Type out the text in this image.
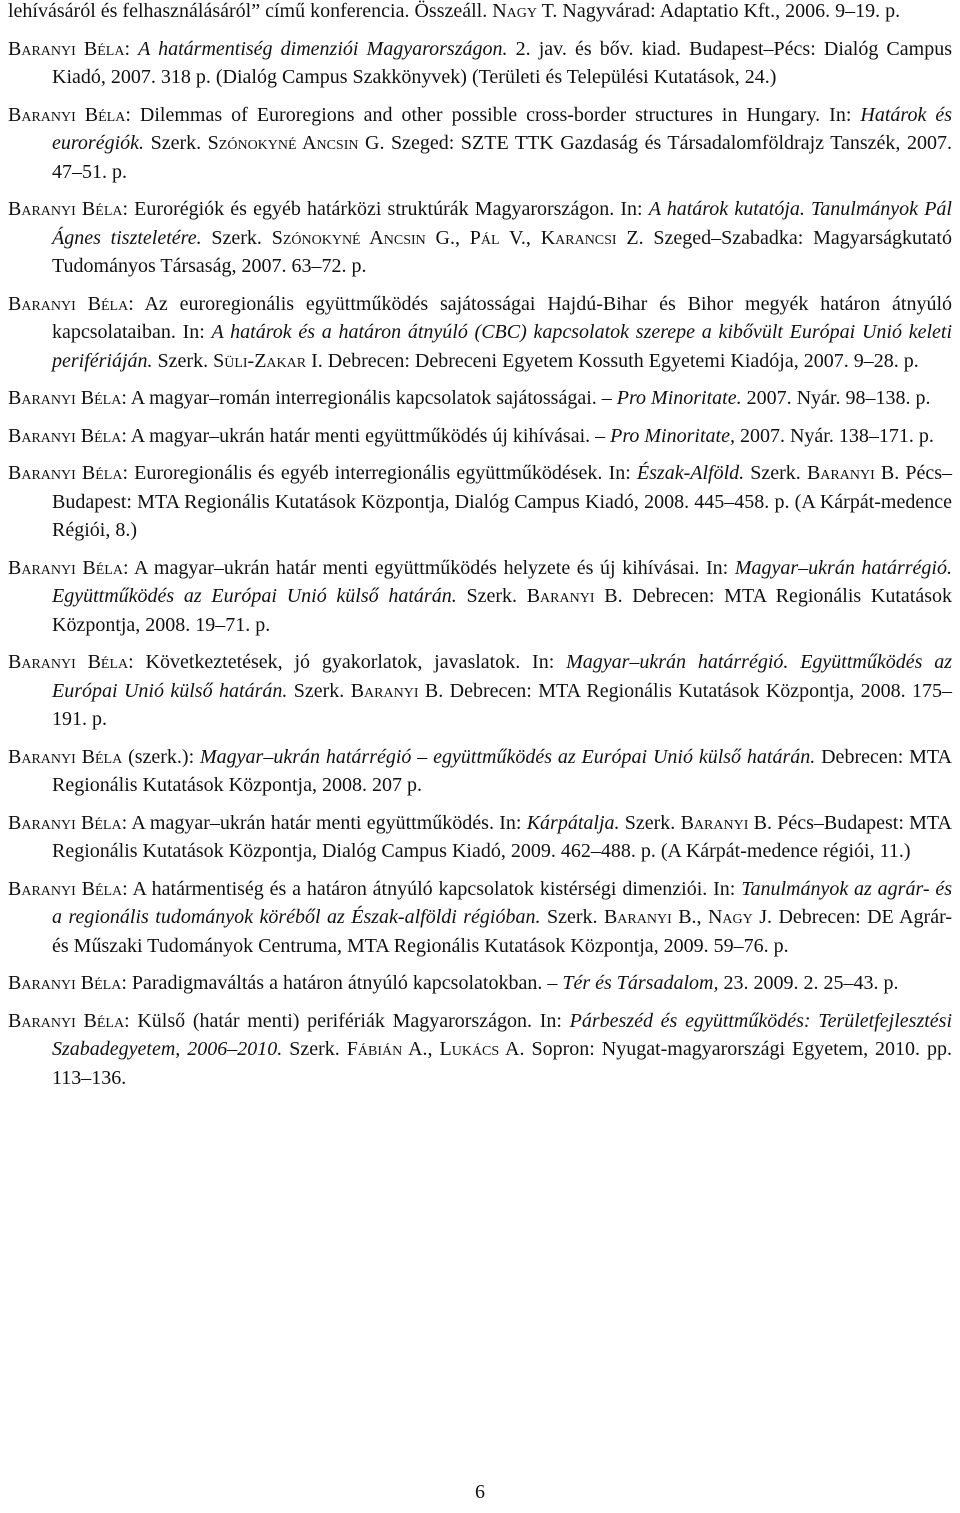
lehívásáról és felhasználásáról” című konferencia. Összeáll. Nagy T. Nagyvárad: Adaptatio Kft., 2006. 9–19. p.

Baranyi Béla: A határmentiség dimenziói Magyarországon. 2. jav. és bőv. kiad. Budapest–Pécs: Dialóg Campus Kiadó, 2007. 318 p. (Dialóg Campus Szakkönyvek) (Területi és Települési Kutatások, 24.)

Baranyi Béla: Dilemmas of Euroregions and other possible cross-border structures in Hungary. In: Határok és eurorégiók. Szerk. Szónokyné Ancsin G. Szeged: SZTE TTK Gazdaság és Társadalomföldrajz Tanszék, 2007. 47–51. p.

Baranyi Béla: Eurorégiók és egyéb határközi struktúrák Magyarországon. In: A határok kutatója. Tanulmányok Pál Ágnes tiszteletére. Szerk. Szónokyné Ancsin G., Pál V., Karancsi Z. Szeged–Szabadka: Magyarságkutató Tudományos Társaság, 2007. 63–72. p.

Baranyi Béla: Az euroregionális együttműködés sajátosságai Hajdú-Bihar és Bihor megyék határon átnyúló kapcsolataiban. In: A határok és a határon átnyúló (CBC) kapcsolatok szerepe a kibővült Európai Unió keleti perifériáján. Szerk. Süli-Zakar I. Debrecen: Debreceni Egyetem Kossuth Egyetemi Kiadója, 2007. 9–28. p.

Baranyi Béla: A magyar–román interregionális kapcsolatok sajátosságai. – Pro Minoritate. 2007. Nyár. 98–138. p.

Baranyi Béla: A magyar–ukrán határ menti együttműködés új kihívásai. – Pro Minoritate, 2007. Nyár. 138–171. p.

Baranyi Béla: Euroregionális és egyéb interregionális együttműködések. In: Észak-Alföld. Szerk. Baranyi B. Pécs–Budapest: MTA Regionális Kutatások Központja, Dialóg Campus Kiadó, 2008. 445–458. p. (A Kárpát-medence Régiói, 8.)

Baranyi Béla: A magyar–ukrán határ menti együttműködés helyzete és új kihívásai. In: Magyar–ukrán határrégió. Együttműködés az Európai Unió külső határán. Szerk. Baranyi B. Debrecen: MTA Regionális Kutatások Központja, 2008. 19–71. p.

Baranyi Béla: Következtetések, jó gyakorlatok, javaslatok. In: Magyar–ukrán határrégió. Együttműködés az Európai Unió külső határán. Szerk. Baranyi B. Debrecen: MTA Regionális Kutatások Központja, 2008. 175–191. p.

Baranyi Béla (szerk.): Magyar–ukrán határrégió – együttműködés az Európai Unió külső határán. Debrecen: MTA Regionális Kutatások Központja, 2008. 207 p.

Baranyi Béla: A magyar–ukrán határ menti együttműködés. In: Kárpátalja. Szerk. Baranyi B. Pécs–Budapest: MTA Regionális Kutatások Központja, Dialóg Campus Kiadó, 2009. 462–488. p. (A Kárpát-medence régiói, 11.)

Baranyi Béla: A határmentiség és a határon átnyúló kapcsolatok kistérségi dimenziói. In: Tanulmányok az agrár- és a regionális tudományok köréből az Észak-alföldi régióban. Szerk. Baranyi B., Nagy J. Debrecen: DE Agrár- és Műszaki Tudományok Centruma, MTA Regionális Kutatások Központja, 2009. 59–76. p.

Baranyi Béla: Paradigmaváltás a határon átnyúló kapcsolatokban. – Tér és Társadalom, 23. 2009. 2. 25–43. p.

Baranyi Béla: Külső (határ menti) perifériák Magyarországon. In: Párbeszéd és együttműködés: Területfejlesztési Szabadegyetem, 2006–2010. Szerk. Fábián A., Lukács A. Sopron: Nyugat-magyarországi Egyetem, 2010. pp. 113–136.

6
